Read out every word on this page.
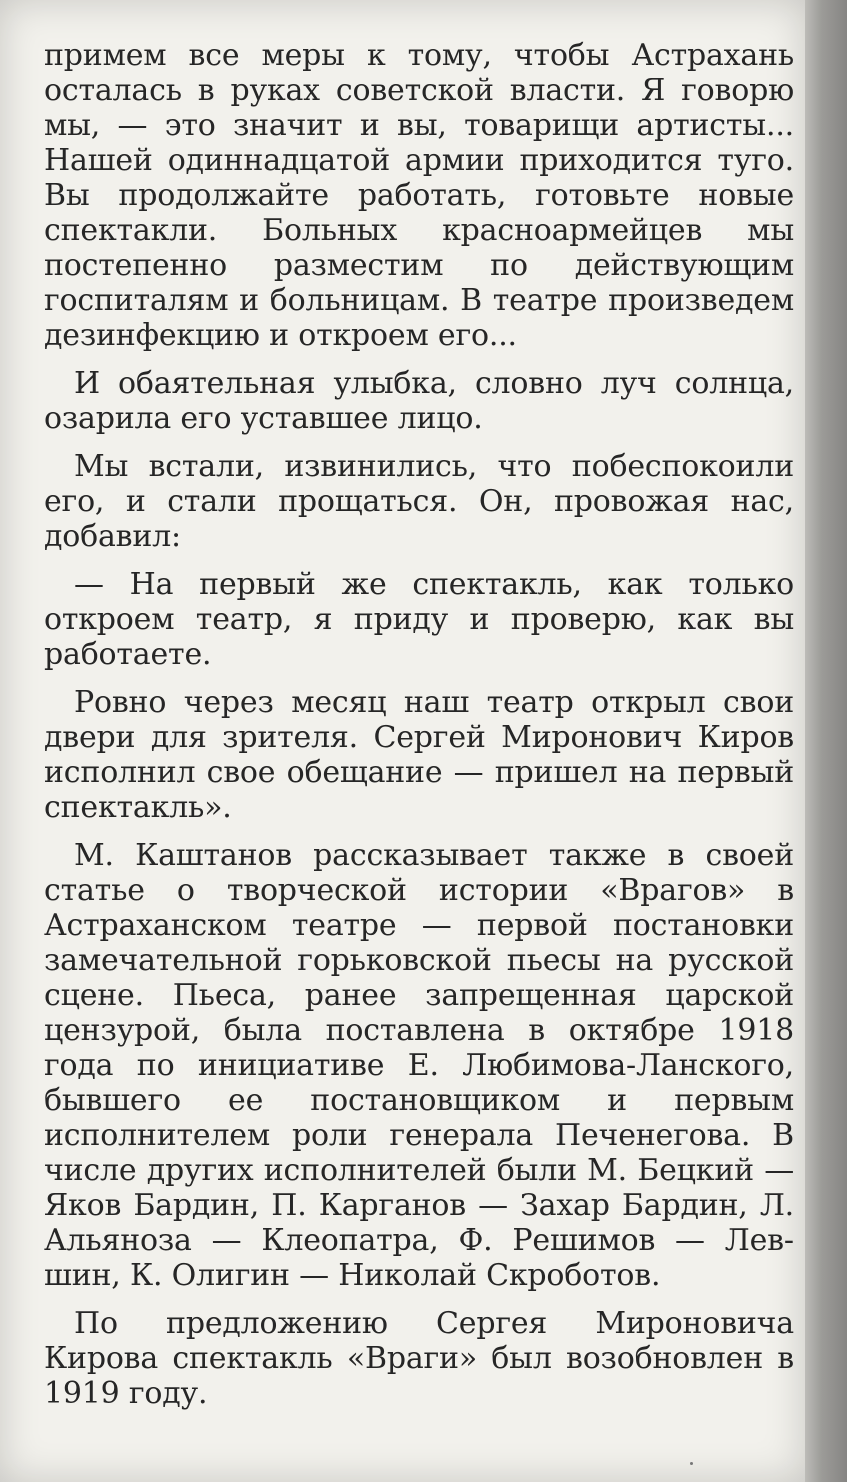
примем все меры к тому, чтобы Астрахань осталась в руках советской власти. Я говорю мы, — это значит и вы, товарищи артисты... Нашей одиннадцатой армии приходится туго. Вы продолжайте работать, готовьте новые спектакли. Больных красноармейцев мы постепенно разместим по действующим госпиталям и больницам. В театре произведем дезинфекцию и откроем его...

И обаятельная улыбка, словно луч солнца, озарила его уставшее лицо.

Мы встали, извинились, что побеспокоили его, и стали прощаться. Он, провожая нас, добавил:

— На первый же спектакль, как только откроем театр, я приду и проверю, как вы работаете.

Ровно через месяц наш театр открыл свои двери для зрителя. Сергей Миронович Киров исполнил свое обещание — пришел на первый спектакль».

М. Каштанов рассказывает также в своей статье о творческой истории «Врагов» в Астраханском театре — первой постановки замечательной горьковской пьесы на русской сцене. Пьеса, ранее запрещенная царской цензурой, была поставлена в октябре 1918 года по инициативе Е. Любимова-Ланского, бывшего ее постановщиком и первым исполнителем роли генерала Печенегова. В числе других исполнителей были М. Бецкий — Яков Бардин, П. Карганов — Захар Бардин, Л. Альяноза — Клеопатра, Ф. Решимов — Левшин, К. Олигин — Николай Скроботов.

По предложению Сергея Мироновича Кирова спектакль «Враги» был возобновлен в 1919 году.
